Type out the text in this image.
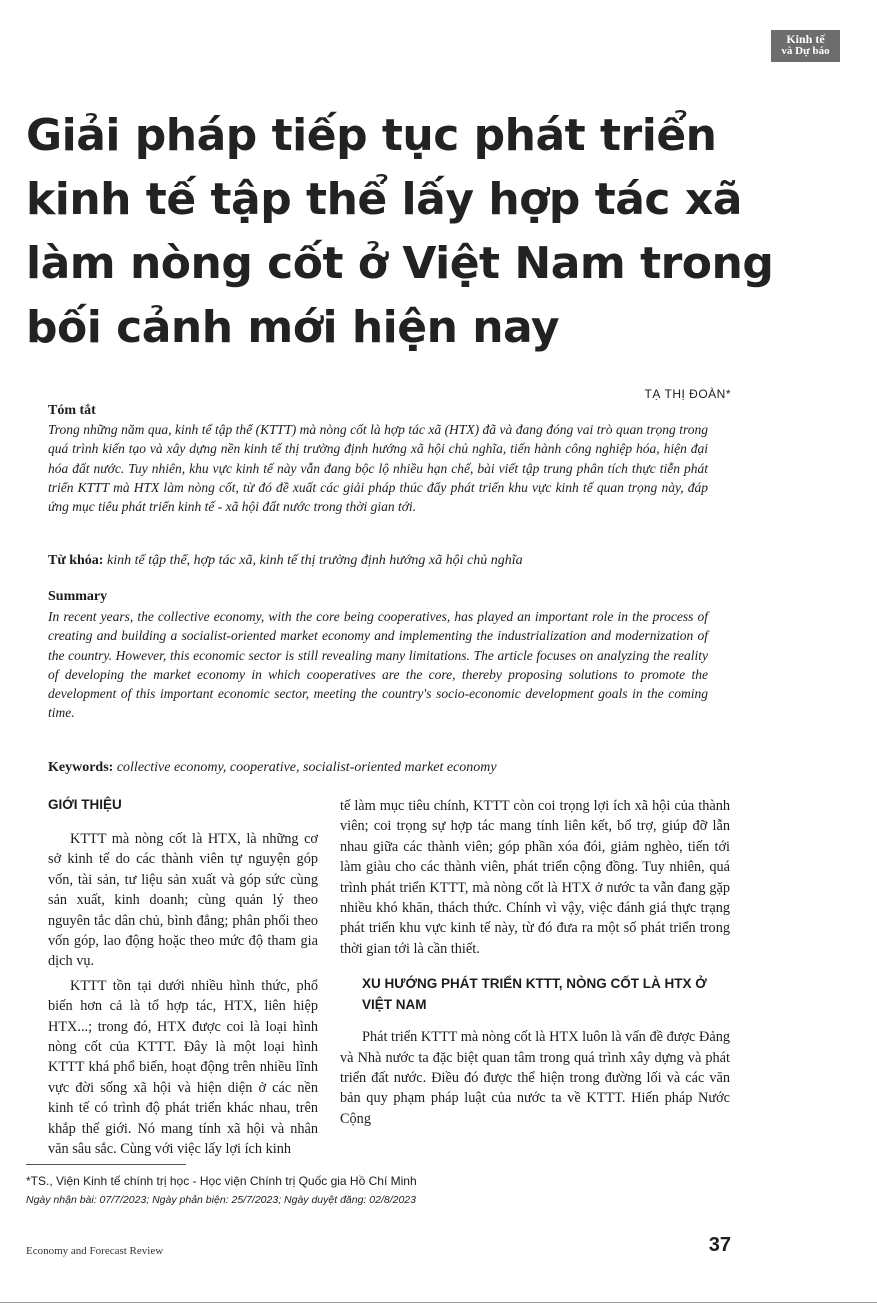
Kinh tế
và Dự báo
Giải pháp tiếp tục phát triển kinh tế tập thể lấy hợp tác xã làm nòng cốt ở Việt Nam trong bối cảnh mới hiện nay
TẠ THỊ ĐOÀN*
Tóm tắt

Trong những năm qua, kinh tế tập thể (KTTT) mà nòng cốt là hợp tác xã (HTX) đã và đang đóng vai trò quan trọng trong quá trình kiến tạo và xây dựng nền kinh tế thị trường định hướng xã hội chủ nghĩa, tiến hành công nghiệp hóa, hiện đại hóa đất nước. Tuy nhiên, khu vực kinh tế này vẫn đang bộc lộ nhiều hạn chế, bài viết tập trung phân tích thực tiễn phát triển KTTT mà HTX làm nòng cốt, từ đó đề xuất các giải pháp thúc đẩy phát triển khu vực kinh tế quan trọng này, đáp ứng mục tiêu phát triển kinh tế - xã hội đất nước trong thời gian tới.

Từ khóa: kinh tế tập thể, hợp tác xã, kinh tế thị trường định hướng xã hội chủ nghĩa
Summary

In recent years, the collective economy, with the core being cooperatives, has played an important role in the process of creating and building a socialist-oriented market economy and implementing the industrialization and modernization of the country. However, this economic sector is still revealing many limitations. The article focuses on analyzing the reality of developing the market economy in which cooperatives are the core, thereby proposing solutions to promote the development of this important economic sector, meeting the country's socio-economic development goals in the coming time.

Keywords: collective economy, cooperative, socialist-oriented market economy
GIỚI THIỆU

KTTT mà nòng cốt là HTX, là những cơ sở kinh tế do các thành viên tự nguyện góp vốn, tài sản, tư liệu sản xuất và góp sức cùng sản xuất, kinh doanh; cùng quản lý theo nguyên tắc dân chủ, bình đẳng; phân phối theo vốn góp, lao động hoặc theo mức độ tham gia dịch vụ.

KTTT tồn tại dưới nhiều hình thức, phổ biến hơn cả là tổ hợp tác, HTX, liên hiệp HTX...; trong đó, HTX được coi là loại hình nòng cốt của KTTT. Đây là một loại hình KTTT khá phổ biến, hoạt động trên nhiều lĩnh vực đời sống xã hội và hiện diện ở các nền kinh tế có trình độ phát triển khác nhau, trên khắp thế giới. Nó mang tính xã hội và nhân văn sâu sắc. Cùng với việc lấy lợi ích kinh

tế làm mục tiêu chính, KTTT còn coi trọng lợi ích xã hội của thành viên; coi trọng sự hợp tác mang tính liên kết, bổ trợ, giúp đỡ lẫn nhau giữa các thành viên; góp phần xóa đói, giảm nghèo, tiến tới làm giàu cho các thành viên, phát triển cộng đồng. Tuy nhiên, quá trình phát triển KTTT, mà nòng cốt là HTX ở nước ta vẫn đang gặp nhiều khó khăn, thách thức. Chính vì vậy, việc đánh giá thực trạng phát triển khu vực kinh tế này, từ đó đưa ra một số phát triển trong thời gian tới là cần thiết.

XU HƯỚNG PHÁT TRIỂN KTTT, NÒNG CỐT LÀ HTX Ở VIỆT NAM

Phát triển KTTT mà nòng cốt là HTX luôn là vấn đề được Đảng và Nhà nước ta đặc biệt quan tâm trong quá trình xây dựng và phát triển đất nước. Điều đó được thể hiện trong đường lối và các văn bản quy phạm pháp luật của nước ta về KTTT. Hiến pháp Nước Cộng

*TS., Viện Kinh tế chính trị học - Học viện Chính trị Quốc gia Hồ Chí Minh
Ngày nhận bài: 07/7/2023; Ngày phản biện: 25/7/2023; Ngày duyệt đăng: 02/8/2023
Economy and Forecast Review	37
